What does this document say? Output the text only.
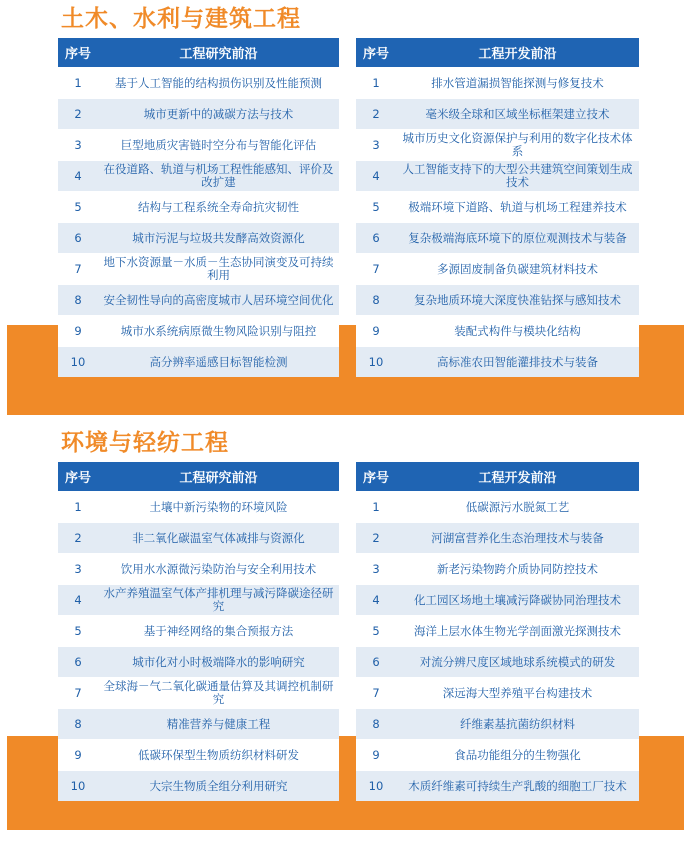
土木、水利与建筑工程
序号	工程研究前沿
1	基于人工智能的结构损伤识别及性能预测
2	城市更新中的减碳方法与技术
3	巨型地质灾害链时空分布与智能化评估
4	在役道路、轨道与机场工程性能感知、评价及改扩建
5	结构与工程系统全寿命抗灾韧性
6	城市污泥与垃圾共发酵高效资源化
7	地下水资源量－水质－生态协同演变及可持续利用
8	安全韧性导向的高密度城市人居环境空间优化
9	城市水系统病原微生物风险识别与阻控
10	高分辨率遥感目标智能检测
序号	工程开发前沿
1	排水管道漏损智能探测与修复技术
2	毫米级全球和区域坐标框架建立技术
3	城市历史文化资源保护与利用的数字化技术体系
4	人工智能支持下的大型公共建筑空间策划生成技术
5	极端环境下道路、轨道与机场工程建养技术
6	复杂极端海底环境下的原位观测技术与装备
7	多源固废制备负碳建筑材料技术
8	复杂地质环境大深度快准钻探与感知技术
9	装配式构件与模块化结构
10	高标准农田智能灌排技术与装备
环境与轻纺工程
序号	工程研究前沿
1	土壤中新污染物的环境风险
2	非二氧化碳温室气体减排与资源化
3	饮用水水源微污染防治与安全利用技术
4	水产养殖温室气体产排机理与减污降碳途径研究
5	基于神经网络的集合预报方法
6	城市化对小时极端降水的影响研究
7	全球海－气二氧化碳通量估算及其调控机制研究
8	精准营养与健康工程
9	低碳环保型生物质纺织材料研发
10	大宗生物质全组分利用研究
序号	工程开发前沿
1	低碳源污水脱氮工艺
2	河湖富营养化生态治理技术与装备
3	新老污染物跨介质协同防控技术
4	化工园区场地土壤减污降碳协同治理技术
5	海洋上层水体生物光学剖面激光探测技术
6	对流分辨尺度区域地球系统模式的研发
7	深远海大型养殖平台构建技术
8	纤维素基抗菌纺织材料
9	食品功能组分的生物强化
10	木质纤维素可持续生产乳酸的细胞工厂技术
